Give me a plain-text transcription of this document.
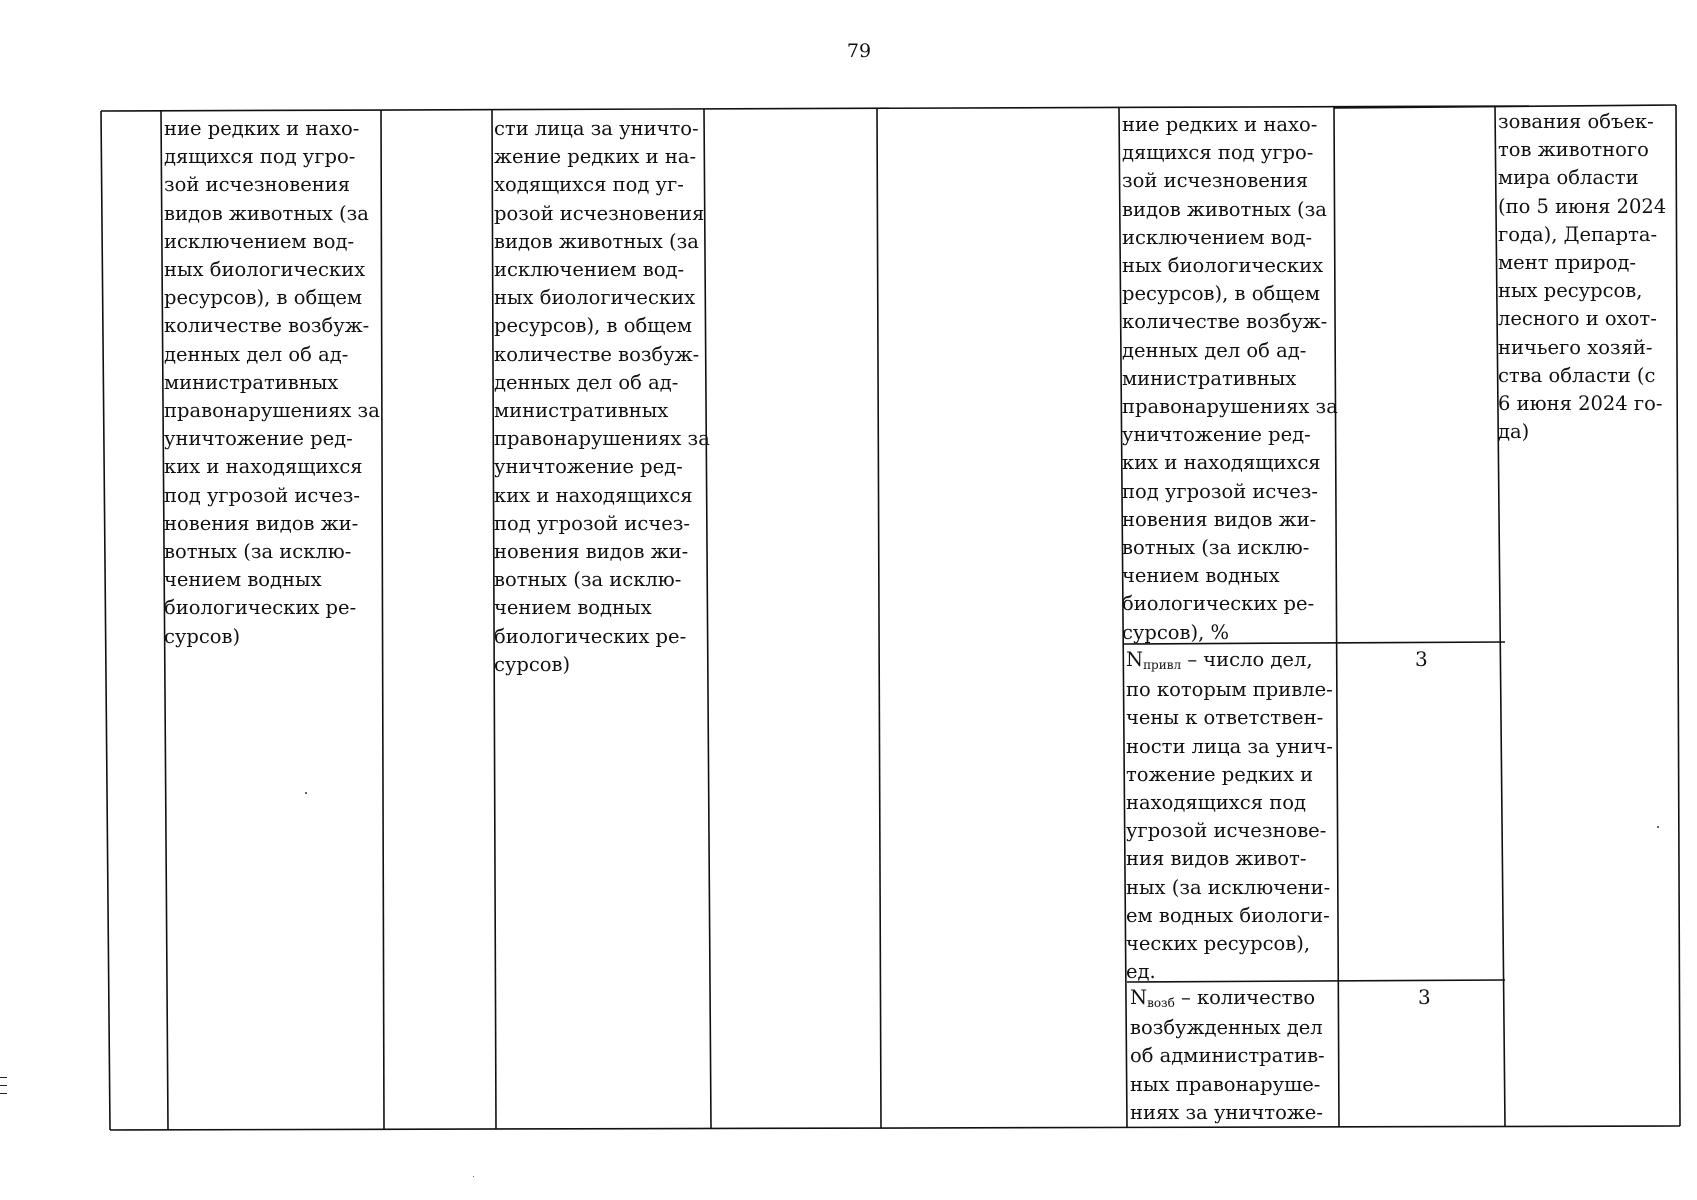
79
ние редких и нахо-
дящихся под угро-
зой исчезновения
видов животных (за
исключением вод-
ных биологических
ресурсов), в общем
количестве возбуж-
денных дел об ад-
министративных
правонарушениях за
уничтожение ред-
ких и находящихся
под угрозой исчез-
новения видов жи-
вотных (за исклю-
чением водных
биологических ре-
сурсов)
сти лица за уничто-
жение редких и на-
ходящихся под уг-
розой исчезновения
видов животных (за
исключением вод-
ных биологических
ресурсов), в общем
количестве возбуж-
денных дел об ад-
министративных
правонарушениях за
уничтожение ред-
ких и находящихся
под угрозой исчез-
новения видов жи-
вотных (за исклю-
чением водных
биологических ре-
сурсов)
ние редких и нахо-
дящихся под угро-
зой исчезновения
видов животных (за
исключением вод-
ных биологических
ресурсов), в общем
количестве возбуж-
денных дел об ад-
министративных
правонарушениях за
уничтожение ред-
ких и находящихся
под угрозой исчез-
новения видов жи-
вотных (за исклю-
чением водных
биологических ре-
сурсов), %
Nпривл – число дел,
по которым привле-
чены к ответствен-
ности лица за унич-
тожение редких и
находящихся под
угрозой исчезнове-
ния видов живот-
ных (за исключени-
ем водных биологи-
ческих ресурсов),
ед.
3
Nвозб – количество
возбужденных дел
об административ-
ных правонаруше-
ниях за уничтоже-
3
зования объек-
тов животного
мира области
(по 5 июня 2024
года), Департа-
мент природ-
ных ресурсов,
лесного и охот-
ничьего хозяй-
ства области (с
6 июня 2024 го-
да)
